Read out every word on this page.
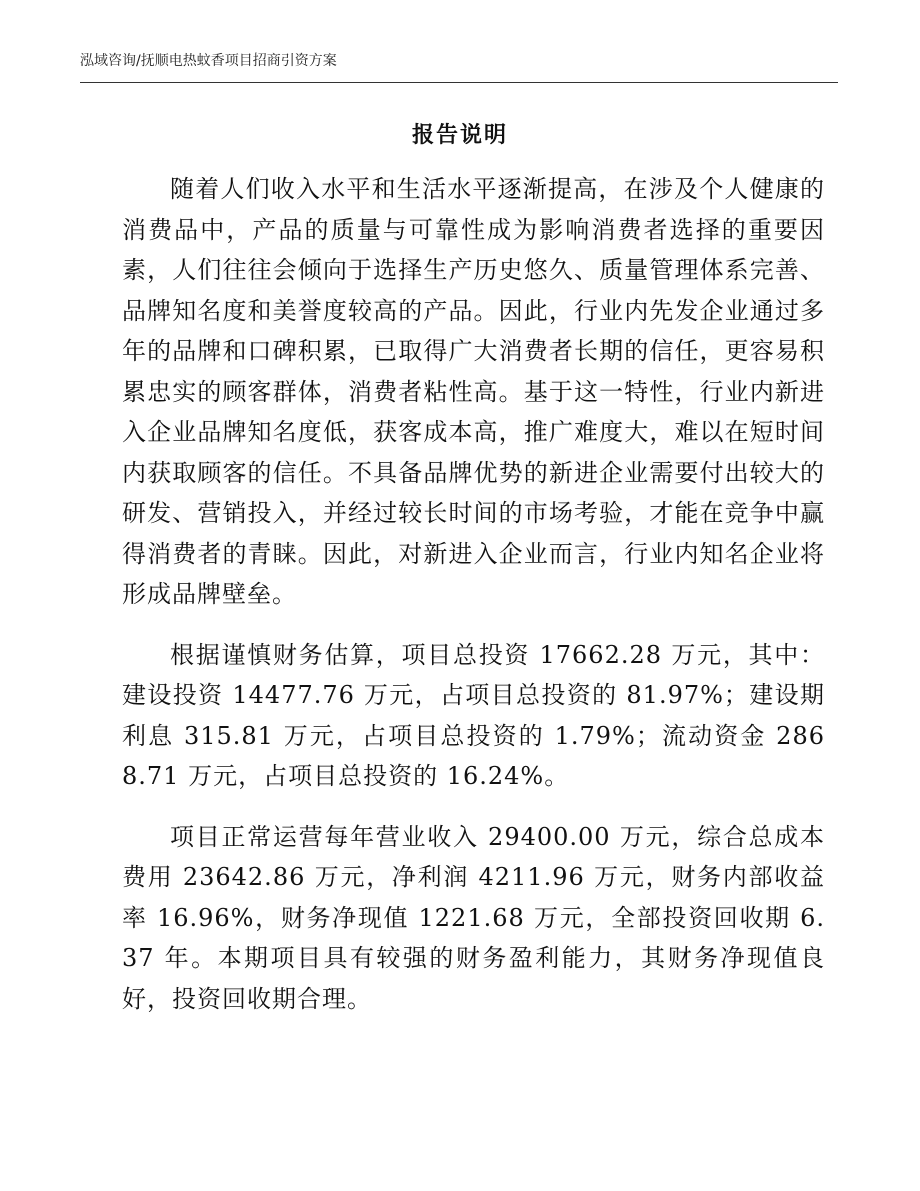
泓域咨询/抚顺电热蚊香项目招商引资方案
报告说明

随着人们收入水平和生活水平逐渐提高，在涉及个人健康的消费品中，产品的质量与可靠性成为影响消费者选择的重要因素，人们往往会倾向于选择生产历史悠久、质量管理体系完善、品牌知名度和美誉度较高的产品。因此，行业内先发企业通过多年的品牌和口碑积累，已取得广大消费者长期的信任，更容易积累忠实的顾客群体，消费者粘性高。基于这一特性，行业内新进入企业品牌知名度低，获客成本高，推广难度大，难以在短时间内获取顾客的信任。不具备品牌优势的新进企业需要付出较大的研发、营销投入，并经过较长时间的市场考验，才能在竞争中赢得消费者的青睐。因此，对新进入企业而言，行业内知名企业将形成品牌壁垒。

根据谨慎财务估算，项目总投资 17662.28 万元，其中：建设投资 14477.76 万元，占项目总投资的 81.97%；建设期利息 315.81 万元，占项目总投资的 1.79%；流动资金 2868.71 万元，占项目总投资的 16.24%。

项目正常运营每年营业收入 29400.00 万元，综合总成本费用 23642.86 万元，净利润 4211.96 万元，财务内部收益率 16.96%，财务净现值 1221.68 万元，全部投资回收期 6.37 年。本期项目具有较强的财务盈利能力，其财务净现值良好，投资回收期合理。
